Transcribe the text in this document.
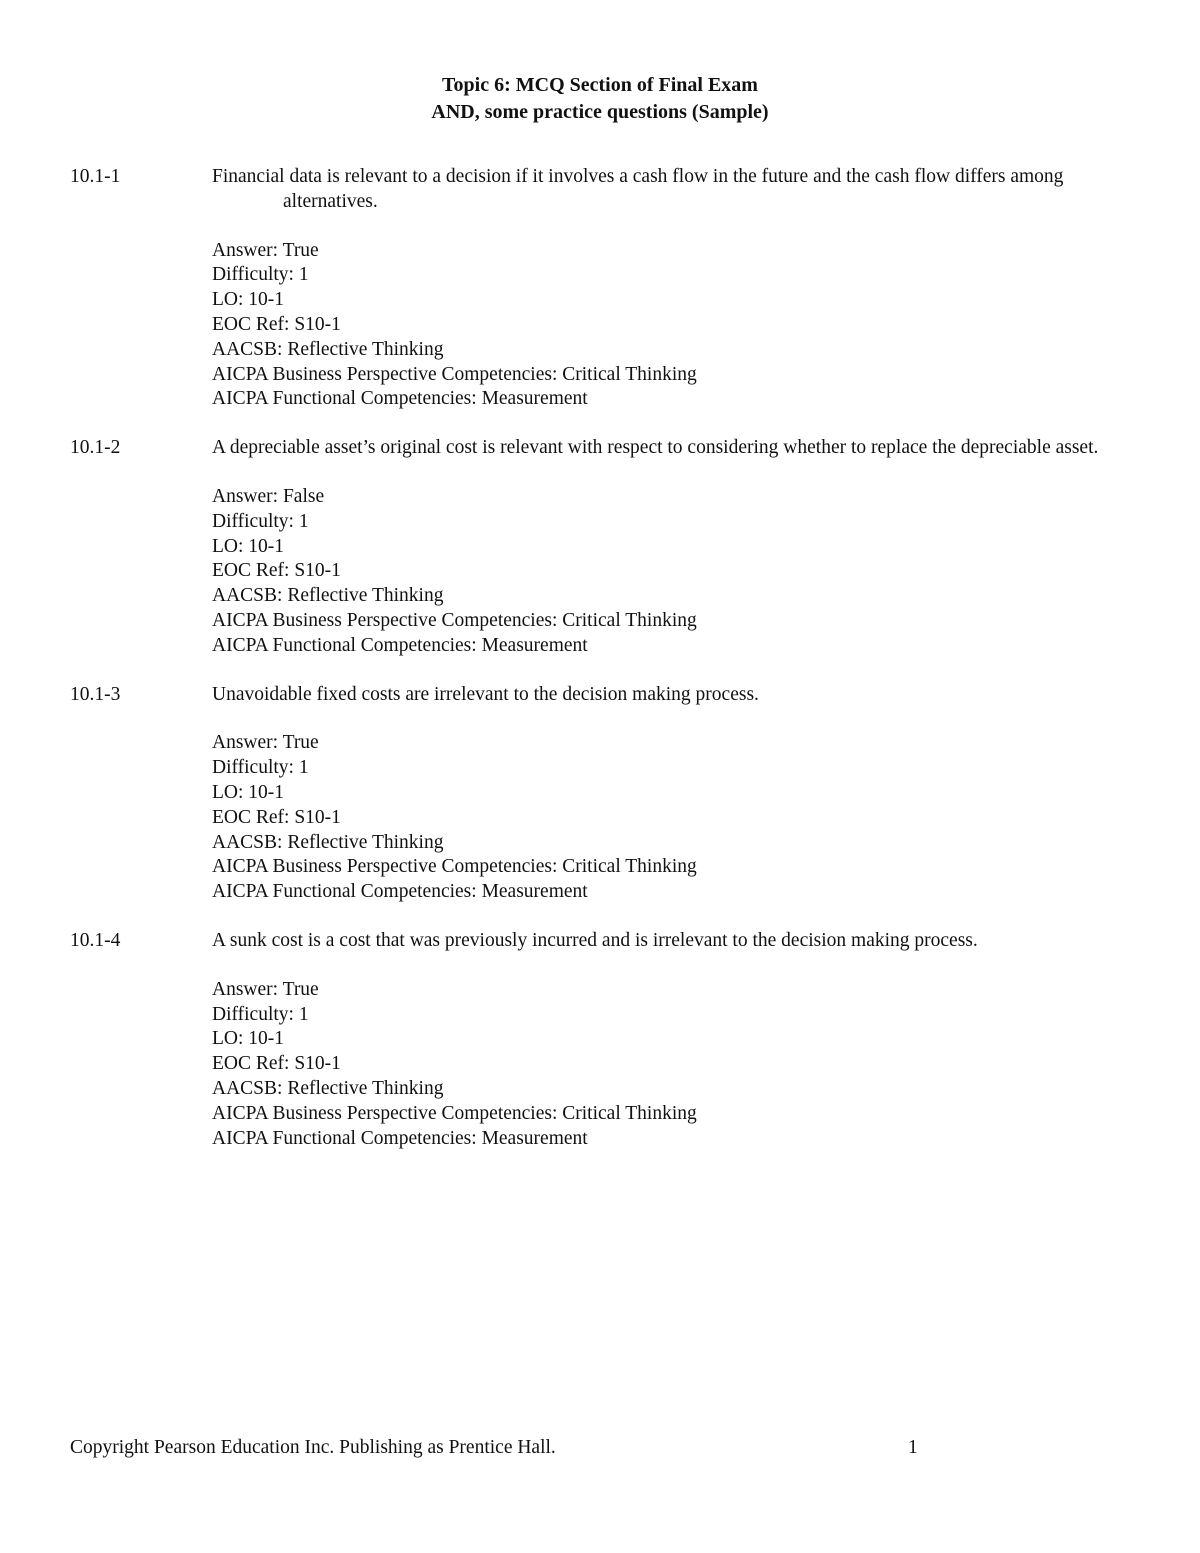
Topic 6: MCQ Section of Final Exam
AND, some practice questions (Sample)
10.1-1	Financial data is relevant to a decision if it involves a cash flow in the future and the cash flow differs among alternatives.
Answer: True
Difficulty: 1
LO: 10-1
EOC Ref: S10-1
AACSB: Reflective Thinking
AICPA Business Perspective Competencies: Critical Thinking
AICPA Functional Competencies: Measurement
10.1-2	A depreciable asset’s original cost is relevant with respect to considering whether to replace the depreciable asset.
Answer: False
Difficulty: 1
LO: 10-1
EOC Ref: S10-1
AACSB: Reflective Thinking
AICPA Business Perspective Competencies: Critical Thinking
AICPA Functional Competencies: Measurement
10.1-3	Unavoidable fixed costs are irrelevant to the decision making process.
Answer: True
Difficulty: 1
LO: 10-1
EOC Ref: S10-1
AACSB: Reflective Thinking
AICPA Business Perspective Competencies: Critical Thinking
AICPA Functional Competencies: Measurement
10.1-4	A sunk cost is a cost that was previously incurred and is irrelevant to the decision making process.
Answer: True
Difficulty: 1
LO: 10-1
EOC Ref: S10-1
AACSB: Reflective Thinking
AICPA Business Perspective Competencies: Critical Thinking
AICPA Functional Competencies: Measurement
Copyright Pearson Education Inc. Publishing as Prentice Hall.	1
